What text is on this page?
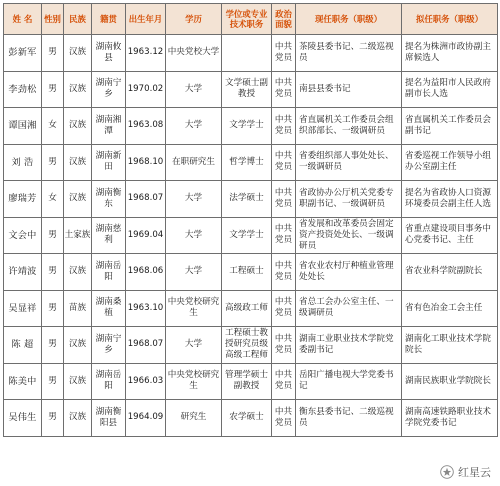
姓 名	性别	民族	籍贯	出生年月	学历	学位或专业技术职务	政治面貌	现任职务（职级）	拟任职务（职级）
彭新军	男	汉族	湖南攸县	1963.12	中央党校大学		中共党员	茶陵县委书记、二级巡视员	提名为株洲市政协副主席候选人
李劲松	男	汉族	湖南宁乡	1970.02	大学	文学硕士副教授	中共党员	南县县委书记	提名为益阳市人民政府副市长人选
谭国湘	女	汉族	湖南湘潭	1963.08	大学	文学学士	中共党员	省直属机关工作委员会组织部部长、一级调研员	省直属机关工作委员会副书记
刘 浩	男	汉族	湖南新田	1968.10	在职研究生	哲学博士	中共党员	省委组织部人事处处长、一级调研员	省委巡视工作领导小组办公室副主任
廖瑞芳	女	汉族	湖南衡东	1968.07	大学	法学硕士	中共党员	省政协办公厅机关党委专职副书记、一级调研员	提名为省政协人口资源环境委员会副主任人选
文会中	男	土家族	湖南慈利	1969.04	大学	文学学士	中共党员	省发展和改革委员会固定资产投资处处长、一级调研员	省重点建设项目事务中心党委书记、主任
许靖波	男	汉族	湖南岳阳	1968.06	大学	工程硕士	中共党员	省农业农村厅种植业管理处处长	省农业科学院副院长
吴显祥	男	苗族	湖南桑植	1963.10	中央党校研究生	高级政工师	中共党员	省总工会办公室主任、一级调研员	省有色冶金工会主任
陈 超	男	汉族	湖南宁乡	1968.07	大学	工程硕士教授研究员级高级工程师	中共党员	湖南工业职业技术学院党委副书记	湖南化工职业技术学院院长
陈美中	男	汉族	湖南岳阳	1966.03	中央党校研究生	管理学硕士副教授	中共党员	岳阳广播电视大学党委书记	湖南民族职业学院院长
吴伟生	男	汉族	湖南衡阳县	1964.09	研究生	农学硕士	中共党员	衡东县委书记、二级巡视员	湖南高速铁路职业技术学院党委书记
红星云
